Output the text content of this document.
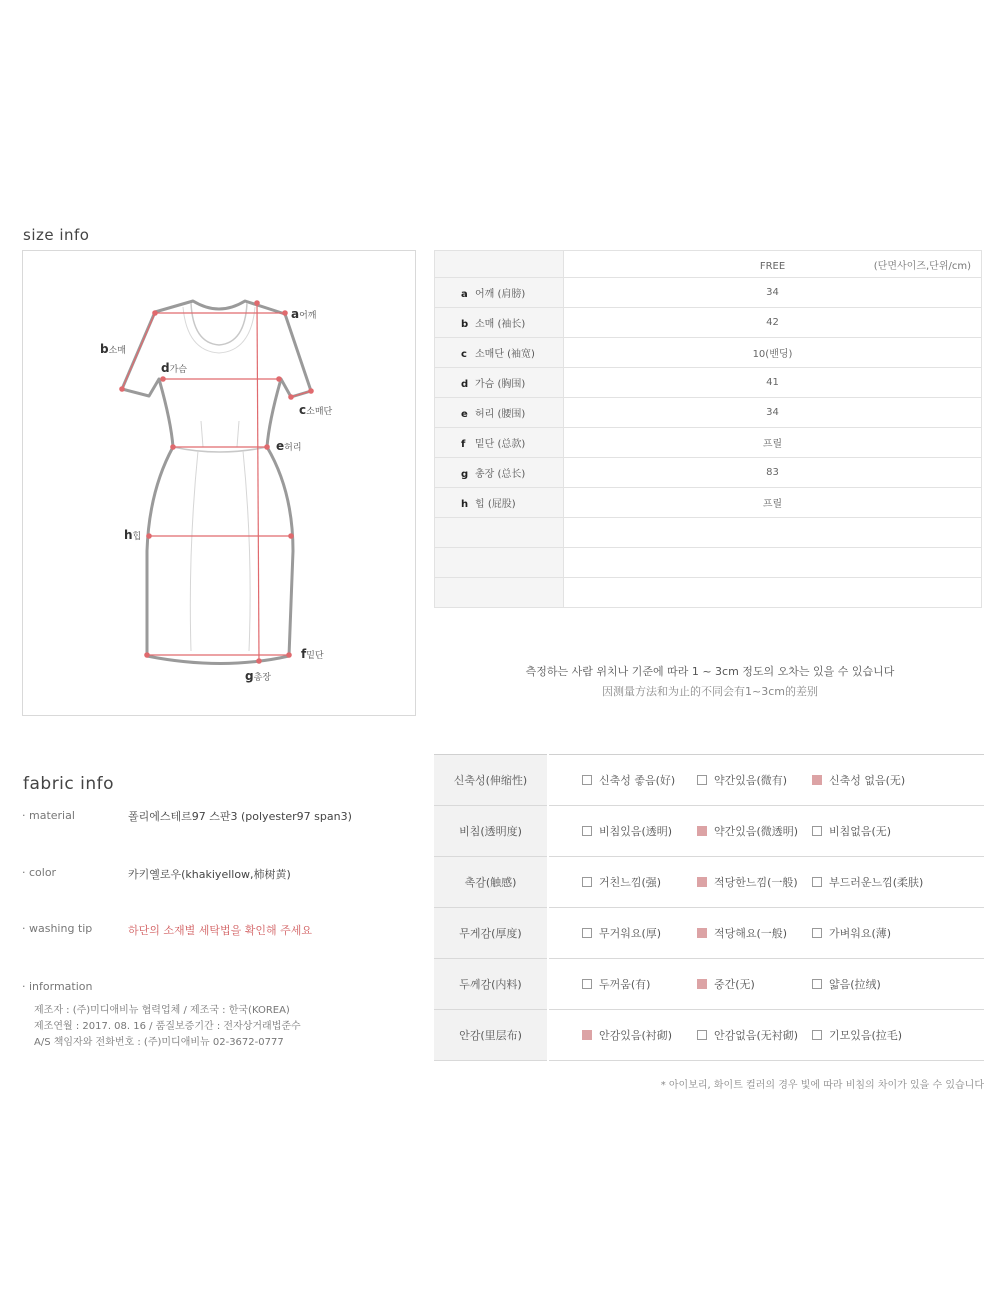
size info
a어깨
b소매
c소매단
d가슴
e허리
h힙
f밑단
g총장
	FREE (단면사이즈,단위/cm)

a 어깨 (肩膀)	34
b 소매 (袖长)	42
c 소매단 (袖宽)	10(밴딩)
d 가슴 (胸围)	41
e 허리 (腰围)	34
f 밑단 (总款)	프릴
g 총장 (总长)	83
h 힙 (屁股)	프릴

측정하는 사람 위치나 기준에 따라 1 ~ 3cm 정도의 오차는 있을 수 있습니다
因测量方法和为止的不同会有1~3cm的差别
fabric info
· material	폴리에스테르97 스판3 (polyester97 span3)
· color	카키옐로우(khakiyellow,柿树黄)
· washing tip	하단의 소재별 세탁법을 확인해 주세요
· information
제조자 : (주)미디애비뉴 협력업체 / 제조국 : 한국(KOREA)
제조연월 : 2017. 08. 16 / 품질보증기간 : 전자상거래법준수
A/S 책임자와 전화번호 : (주)미디애비뉴 02-3672-0777
신축성(伸缩性)	신축성 좋음(好) 약간있음(微有) 신축성 없음(无)

비침(透明度)	비침있음(透明) 약간있음(微透明) 비침없음(无)

촉감(触感)	거친느낌(强) 적당한느낌(一般) 부드러운느낌(柔肤)

무게감(厚度)	무거워요(厚) 적당해요(一般) 가벼워요(薄)

두께감(内料)	두꺼움(有) 중간(无) 얇음(拉绒)

안감(里层布)	안감있음(衬砌) 안감없음(无衬砌) 기모있음(拉毛)
* 아이보리, 화이트 컬러의 경우 빛에 따라 비침의 차이가 있을 수 있습니다
